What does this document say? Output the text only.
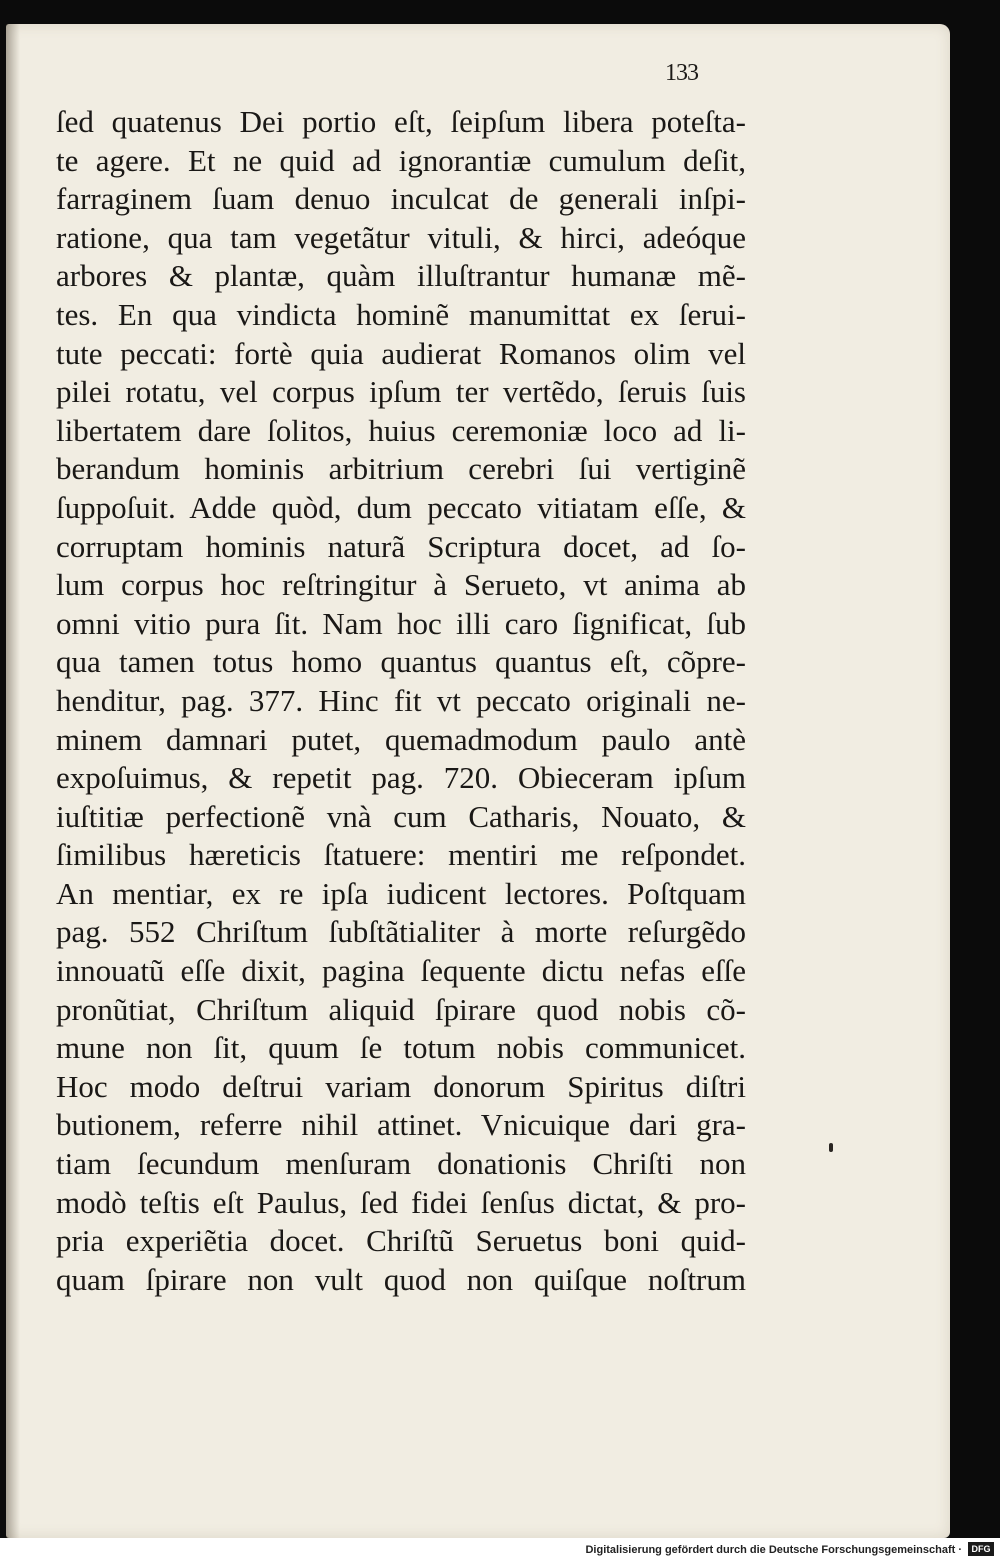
133
ſed quatenus Dei portio eſt, ſeipſum libera poteſta-
te agere. Et ne quid ad ignorantiæ cumulum deſit,
farraginem ſuam denuo inculcat de generali inſpi-
ratione, qua tam vegetãtur vituli, & hirci, adeóque
arbores & plantæ, quàm illuſtrantur humanæ mẽ-
tes. En qua vindicta hominẽ manumittat ex ſerui-
tute peccati: fortè quia audierat Romanos olim vel
pilei rotatu, vel corpus ipſum ter vertẽdo, ſeruis ſuis
libertatem dare ſolitos, huius ceremoniæ loco ad li-
berandum hominis arbitrium cerebri ſui vertiginẽ
ſuppoſuit. Adde quòd, dum peccato vitiatam eſſe, &
corruptam hominis naturã Scriptura docet, ad ſo-
lum corpus hoc reſtringitur à Serueto, vt anima ab
omni vitio pura ſit. Nam hoc illi caro ſignificat, ſub
qua tamen totus homo quantus quantus eſt, cõpre-
henditur, pag. 377. Hinc fit vt peccato originali ne-
minem damnari putet, quemadmodum paulo antè
expoſuimus, & repetit pag. 720. Obieceram ipſum
iuſtitiæ perfectionẽ vnà cum Catharis, Nouato, &
ſimilibus hæreticis ſtatuere: mentiri me reſpondet.
An mentiar, ex re ipſa iudicent lectores. Poſtquam
pag. 552 Chriſtum ſubſtãtialiter à morte reſurgẽdo
innouatũ eſſe dixit, pagina ſequente dictu nefas eſſe
pronũtiat, Chriſtum aliquid ſpirare quod nobis cõ-
mune non ſit, quum ſe totum nobis communicet.
Hoc modo deſtrui variam donorum Spiritus diſtri
butionem, referre nihil attinet. Vnicuique dari gra-
tiam ſecundum menſuram donationis Chriſti non
modò teſtis eſt Paulus, ſed fidei ſenſus dictat, & pro-
pria experiẽtia docet. Chriſtũ Seruetus boni quid-
quam ſpirare non vult quod non quiſque noſtrum
Digitalisierung gefördert durch die Deutsche Forschungsgemeinschaft ·	DFG
